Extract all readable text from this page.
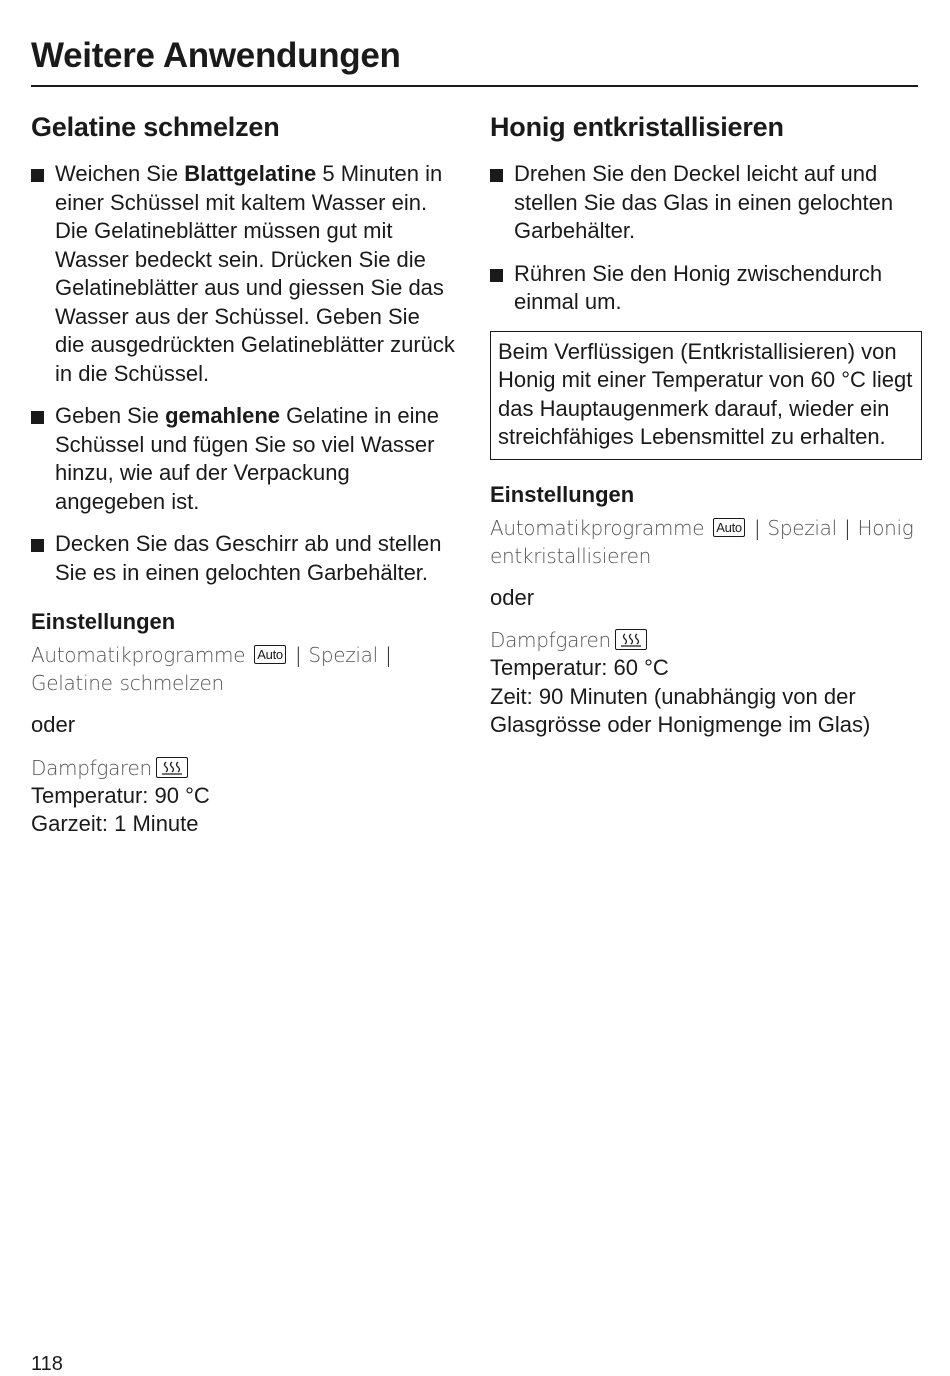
Weitere Anwendungen
Gelatine schmelzen
Weichen Sie Blattgelatine 5 Minuten in einer Schüssel mit kaltem Wasser ein. Die Gelatineblätter müssen gut mit Wasser bedeckt sein. Drücken Sie die Gelatineblätter aus und giessen Sie das Wasser aus der Schüssel. Geben Sie die ausgedrückten Gelatineblätter zurück in die Schüssel.
Geben Sie gemahlene Gelatine in eine Schüssel und fügen Sie so viel Wasser hinzu, wie auf der Verpackung angegeben ist.
Decken Sie das Geschirr ab und stellen Sie es in einen gelochten Garbehälter.
Einstellungen
Automatikprogramme Auto | Spezial | Gelatine schmelzen
oder
Dampfgaren
Temperatur: 90 °C
Garzeit: 1 Minute
Honig entkristallisieren
Drehen Sie den Deckel leicht auf und stellen Sie das Glas in einen gelochten Garbehälter.
Rühren Sie den Honig zwischendurch einmal um.
Beim Verflüssigen (Entkristallisieren) von Honig mit einer Temperatur von 60 °C liegt das Hauptaugenmerk darauf, wieder ein streichfähiges Lebensmittel zu erhalten.
Einstellungen
Automatikprogramme Auto | Spezial | Honig entkristallisieren
oder
Dampfgaren
Temperatur: 60 °C
Zeit: 90 Minuten (unabhängig von der Glasgrösse oder Honigmenge im Glas)
118
